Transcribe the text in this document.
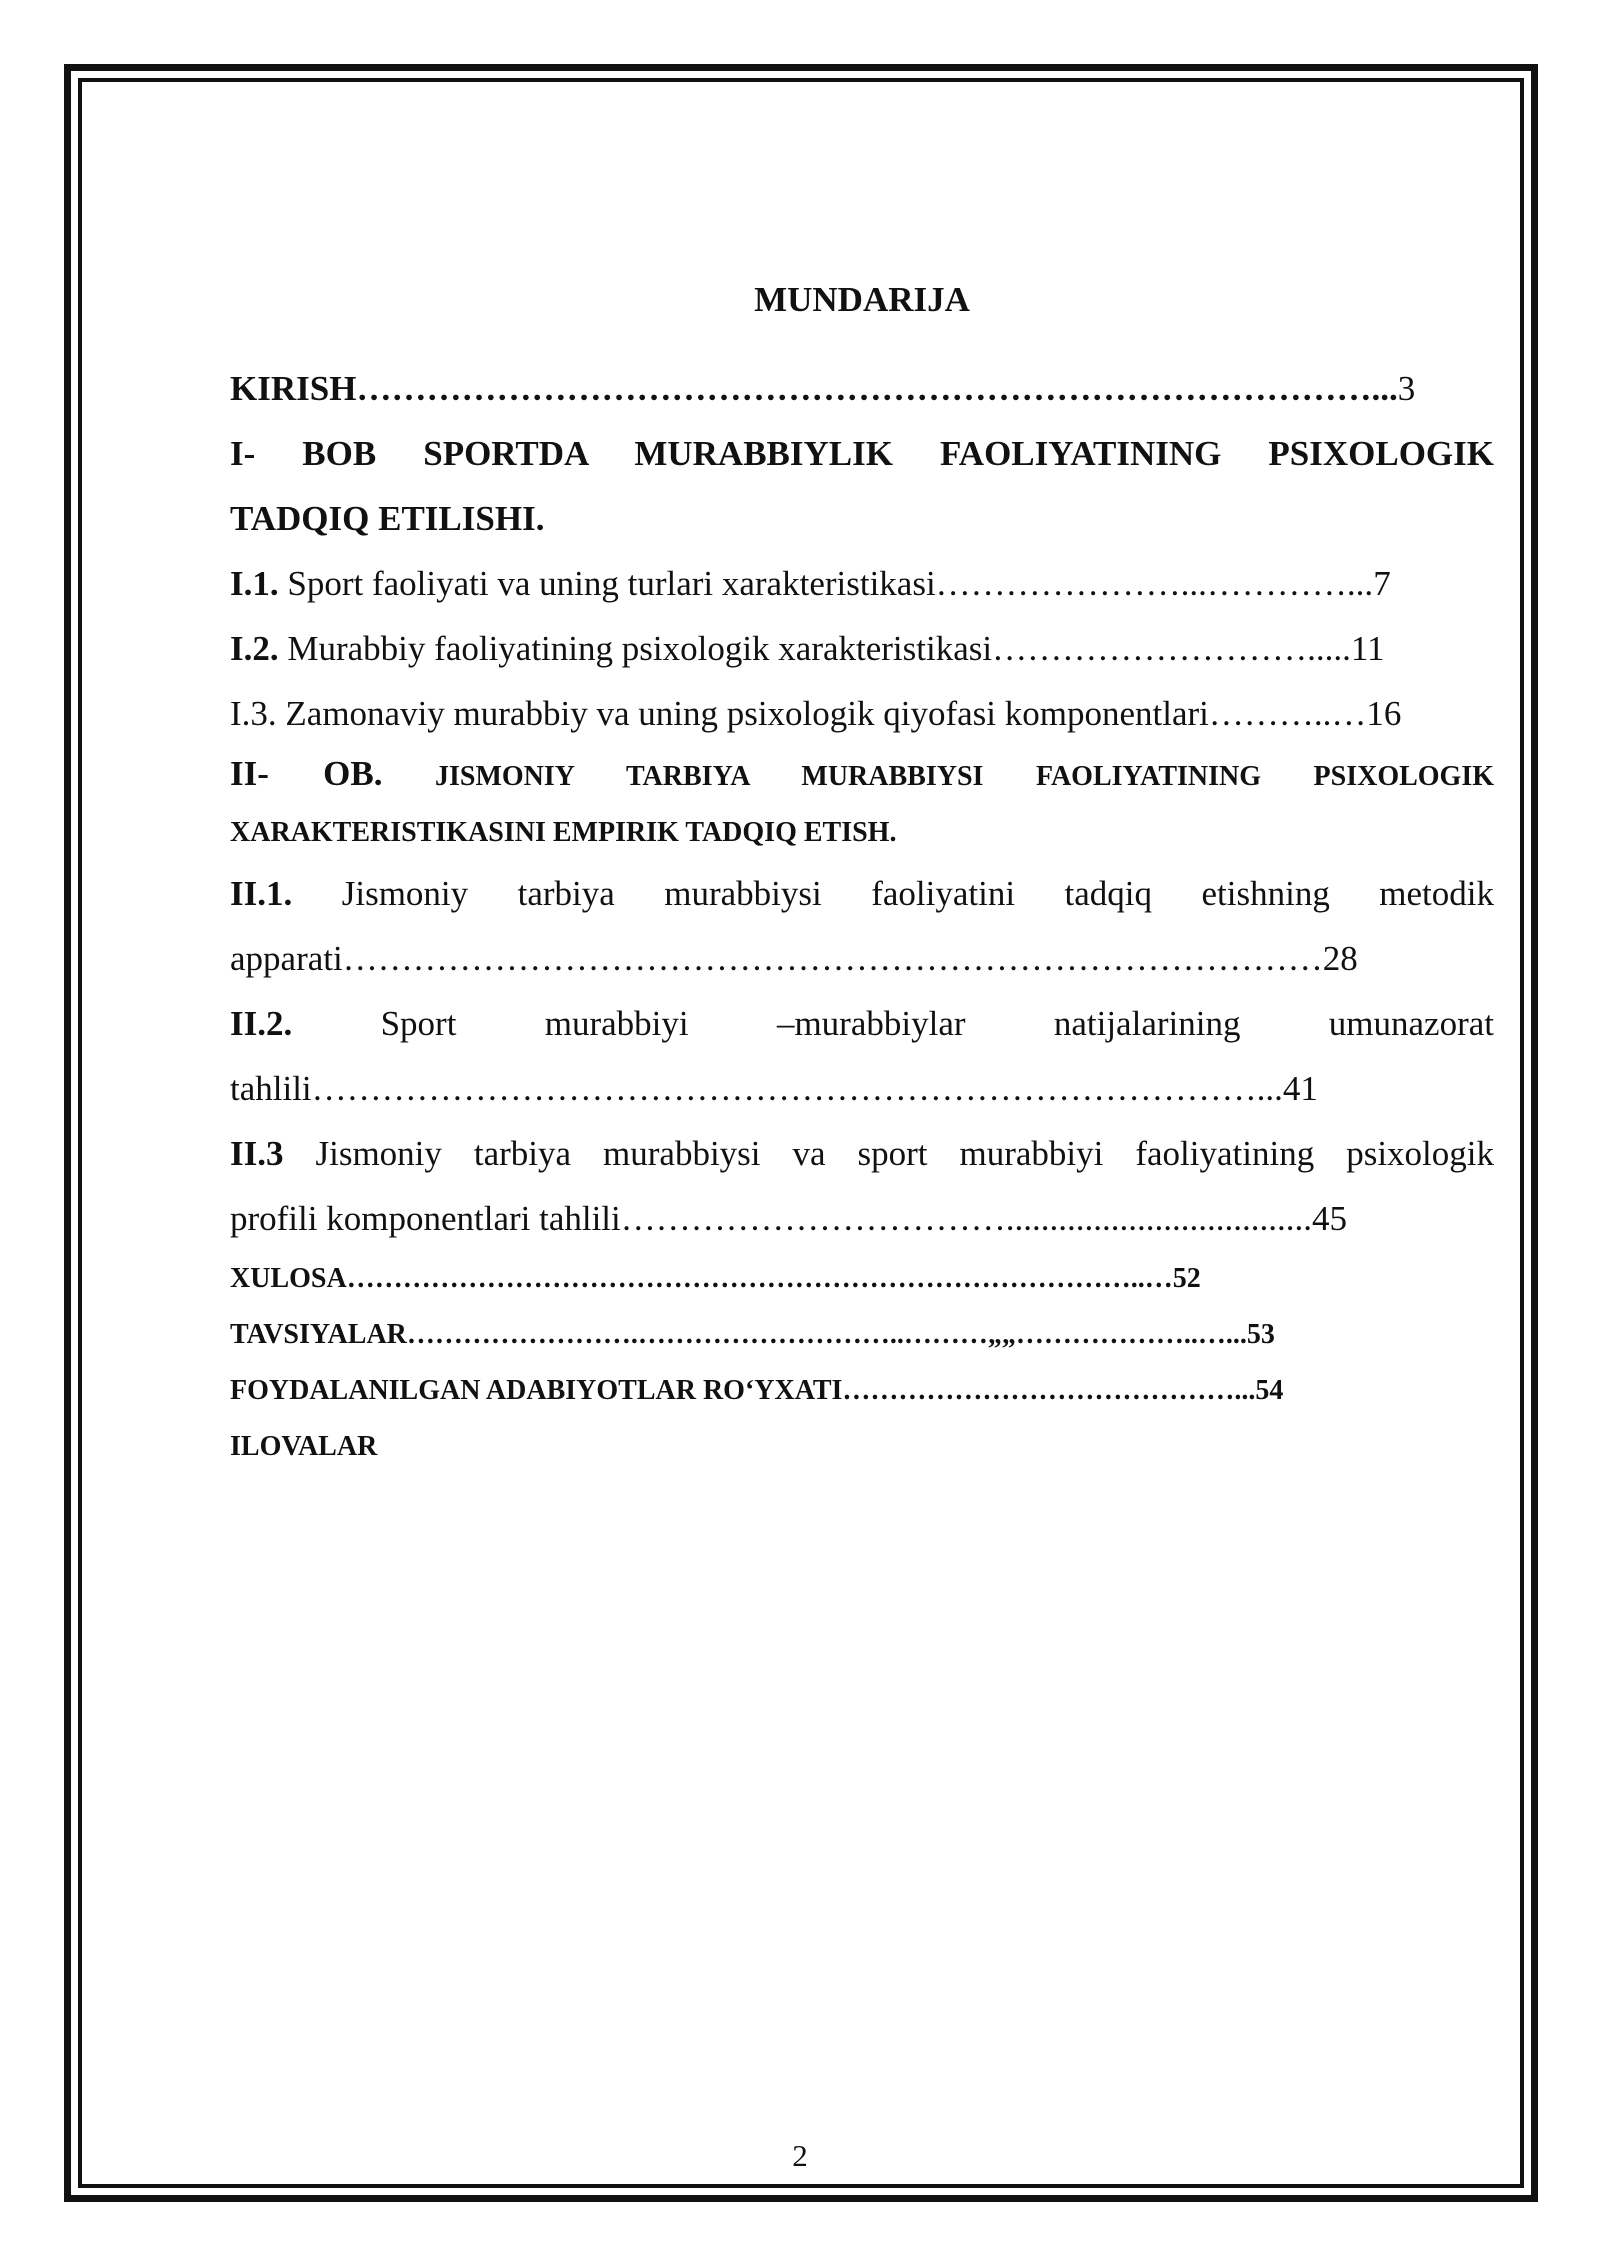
MUNDARIJA
KIRISH……………………………………………………………………………...3
I- BOB SPORTDA MURABBIYLIK FAOLIYATINING PSIXOLOGIK
TADQIQ ETILISHI.
I.1. Sport faoliyati va uning turlari xarakteristikasi…………………...…………...7
I.2. Murabbiy faoliyatining psixologik xarakteristikasi……………………….....11
I.3. Zamonaviy murabbiy va uning psixologik qiyofasi komponentlari………..…16
II- OB. JISMONIY TARBIYA MURABBIYSI FAOLIYATINING PSIXOLOGIK
XARAKTERISTIKASINI EMPIRIK TADQIQ ETISH.
II.1. Jismoniy tarbiya murabbiysi faoliyatini tadqiq etishning metodik
apparati…………………………………………………………………………28
II.2. Sport murabbiyi –murabbiylar natijalarining umunazorat
tahlili………………………………………………………………………...41
II.3 Jismoniy tarbiya murabbiysi va sport murabbiyi faoliyatining psixologik
profili komponentlari tahlili……………………………...................................45
XULOSA…………………………………………………………………………..…52
TAVSIYALAR…………………….………………………..………„„………………..…...53
FOYDALANILGAN ADABIYOTLAR RO‘YXATI……………………………………...54
ILOVALAR
2
